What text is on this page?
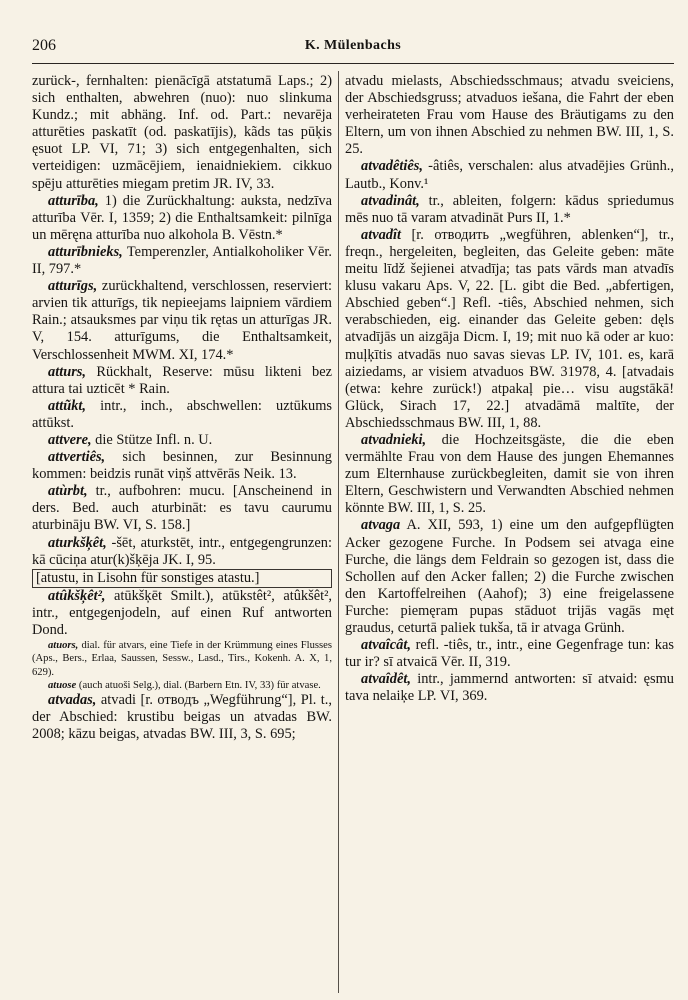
206	K. Mülenbachs

zurück-, fernhalten: pienācīgā atstatumā Laps.; 2) sich enthalten, abwehren (nuo): nuo slinkuma Kundz.; mit abhäng. Inf. od. Part.: nevarēja atturēties paskatīt (od. paskatījis), kãds tas pūķis ęsuot LP. VI, 71; 3) sich entgegenhalten, sich verteidigen: uzmācējiem, ienaidniekiem. cikkuo spēju atturēties miegam pretim JR. IV, 33.

atturība, 1) die Zurückhaltung: auksta, nedzīva atturība Vēr. I, 1359; 2) die Enthaltsamkeit: pilnīga un mēręna atturība nuo alkohola B. Vēstn.*

atturībnieks, Temperenzler, Antialkoholiker Vēr. II, 797.*

atturīgs, zurückhaltend, verschlossen, reserviert: arvien tik atturīgs, tik nepieejams laipniem vārdiem Rain.; atsauksmes par viņu tik rętas un atturīgas JR. V, 154. atturīgums, die Enthaltsamkeit, Verschlossenheit MWM. XI, 174.*

atturs, Rückhalt, Reserve: mūsu likteni bez attura tai uzticēt * Rain.

attũkt, intr., inch., abschwellen: uztūkums attūkst.

attvere, die Stütze Infl. n. U.

attvertiês, sich besinnen, zur Besinnung kommen: beidzis runāt viņš attvērās Neik. 13.

atùrbt, tr., aufbohren: mucu. [Anscheinend in ders. Bed. auch aturbināt: es tavu caurumu aturbināju BW. VI, S. 158.]

aturkšķêt, -šēt, aturkstēt, intr., entgegengrunzen: kā cūciņa atur(k)šķēja JK. I, 95.

[atustu, in Lisohn für sonstiges atastu.]

atûkšķêt², atūkšķēt Smilt.), atūkstêt², atûkšêt², intr., entgegenjodeln, auf einen Ruf antworten Dond.

atuors, dial. für atvars, eine Tiefe in der Krümmung eines Flusses (Aps., Bers., Erlaa, Saussen, Sessw., Lasd., Tirs., Kokenh. A. X, 1, 629).

atuose (auch atuoši Selg.), dial. (Barbern Etn. IV, 33) für atvase.

atvadas, atvadi [r. отводъ „Wegführung“], Pl. t., der Abschied: krustibu beigas un atvadas BW. 2008; kāzu beigas, atvadas BW. III, 3, S. 695;

atvadu mielasts, Abschiedsschmaus; atvadu sveiciens, der Abschiedsgruss; atvaduos iešana, die Fahrt der eben verheirateten Frau vom Hause des Bräutigams zu den Eltern, um von ihnen Abschied zu nehmen BW. III, 1, S. 25.

atvadêtiês, -âtiês, verschalen: alus atvadējies Grünh., Lautb., Konv.¹

atvadinât, tr., ableiten, folgern: kādus spriedumus mēs nuo tā varam atvadināt Purs II, 1.*

atvadît [r. отводить „wegführen, ablenken“], tr., freqn., hergeleiten, begleiten, das Geleite geben: māte meitu līdž šejienei atvadīja; tas pats vārds man atvadīs klusu vakaru Aps. V, 22. [L. gibt die Bed. „abfertigen, Abschied geben“.] Refl. -tiês, Abschied nehmen, sich verabschieden, eig. einander das Geleite geben: dęls atvadījās un aizgāja Dicm. I, 19; mit nuo kā oder ar kuo: muļķītis atvadās nuo savas sievas LP. IV, 101. es, karā aiziedams, ar visiem atvaduos BW. 31978, 4. [atvadais (etwa: kehre zurück!) atpakaļ pie… visu augstākā! Glück, Sirach 17, 22.] atvadāmā maltīte, der Abschiedsschmaus BW. III, 1, 88.

atvadnieki, die Hochzeitsgäste, die die eben vermählte Frau von dem Hause des jungen Ehemannes zum Elternhause zurückbegleiten, damit sie von ihren Eltern, Geschwistern und Verwandten Abschied nehmen könnte BW. III, 1, S. 25.

atvaga A. XII, 593, 1) eine um den aufgepflügten Acker gezogene Furche. In Podsem sei atvaga eine Furche, die längs dem Feldrain so gezogen ist, dass die Schollen auf den Acker fallen; 2) die Furche zwischen den Kartoffelreihen (Aahof); 3) eine freigelassene Furche: piemęram pupas stāduot trijās vagās męt graudus, ceturtā paliek tukša, tā ir atvaga Grünh.

atvaîcât, refl. -tiês, tr., intr., eine Gegenfrage tun: kas tur ir? sī atvaicā Vēr. II, 319.

atvaîdêt, intr., jammernd antworten: sī atvaid: ęsmu tava nelaiķe LP. VI, 369.
